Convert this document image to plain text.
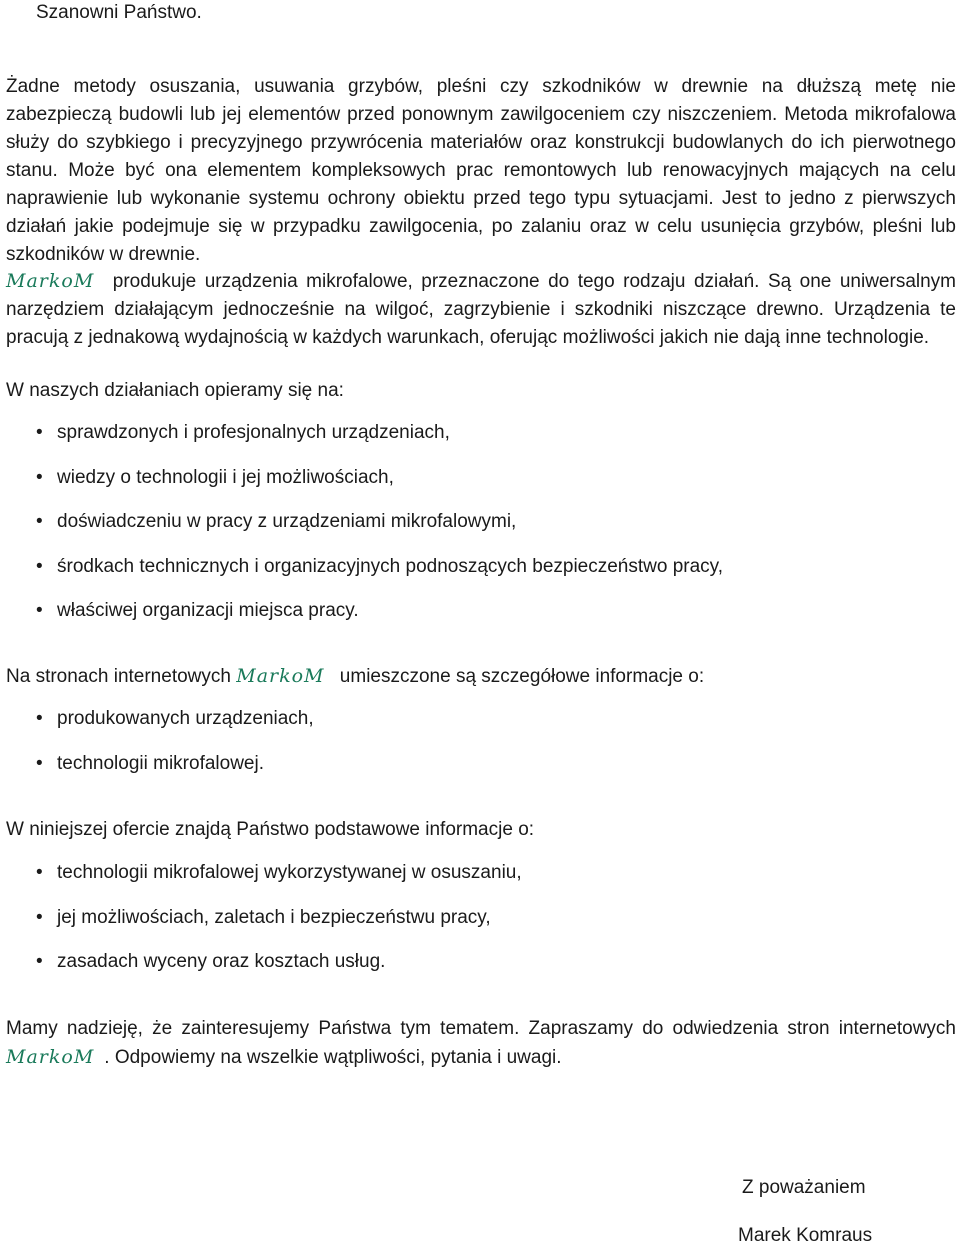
Szanowni Państwo.

Żadne metody osuszania, usuwania grzybów, pleśni czy szkodników w drewnie na dłuższą metę nie zabezpieczą budowli lub jej elementów przed ponownym zawilgoceniem czy niszczeniem. Metoda mikrofalowa służy do szybkiego i precyzyjnego przywrócenia materiałów oraz konstrukcji budowlanych do ich pierwotnego stanu. Może być ona elementem kompleksowych prac remontowych lub renowacyjnych mających na celu naprawienie lub wykonanie systemu ochrony obiektu przed tego typu sytuacjami. Jest to jedno z pierwszych działań jakie podejmuje się w przypadku zawilgocenia, po zalaniu oraz w celu usunięcia grzybów, pleśni lub szkodników w drewnie.

MarkoM produkuje urządzenia mikrofalowe, przeznaczone do tego rodzaju działań. Są one uniwersalnym narzędziem działającym jednocześnie na wilgoć, zagrzybienie i szkodniki niszczące drewno. Urządzenia te pracują z jednakową wydajnością w każdych warunkach, oferując możliwości jakich nie dają inne technologie.

W naszych działaniach opieramy się na:

• sprawdzonych i profesjonalnych urządzeniach,
• wiedzy o technologii i jej możliwościach,
• doświadczeniu w pracy z urządzeniami mikrofalowymi,
• środkach technicznych i organizacyjnych podnoszących bezpieczeństwo pracy,
• właściwej organizacji miejsca pracy.

Na stronach internetowych MarkoM umieszczone są szczegółowe informacje o:

• produkowanych urządzeniach,
• technologii mikrofalowej.

W niniejszej ofercie znajdą Państwo podstawowe informacje o:

• technologii mikrofalowej wykorzystywanej w osuszaniu,
• jej możliwościach, zaletach i bezpieczeństwu pracy,
• zasadach wyceny oraz kosztach usług.

Mamy nadzieję, że zainteresujemy Państwa tym tematem. Zapraszamy do odwiedzenia stron internetowych MarkoM . Odpowiemy na wszelkie wątpliwości, pytania i uwagi.

Z poważaniem

Marek Komraus
